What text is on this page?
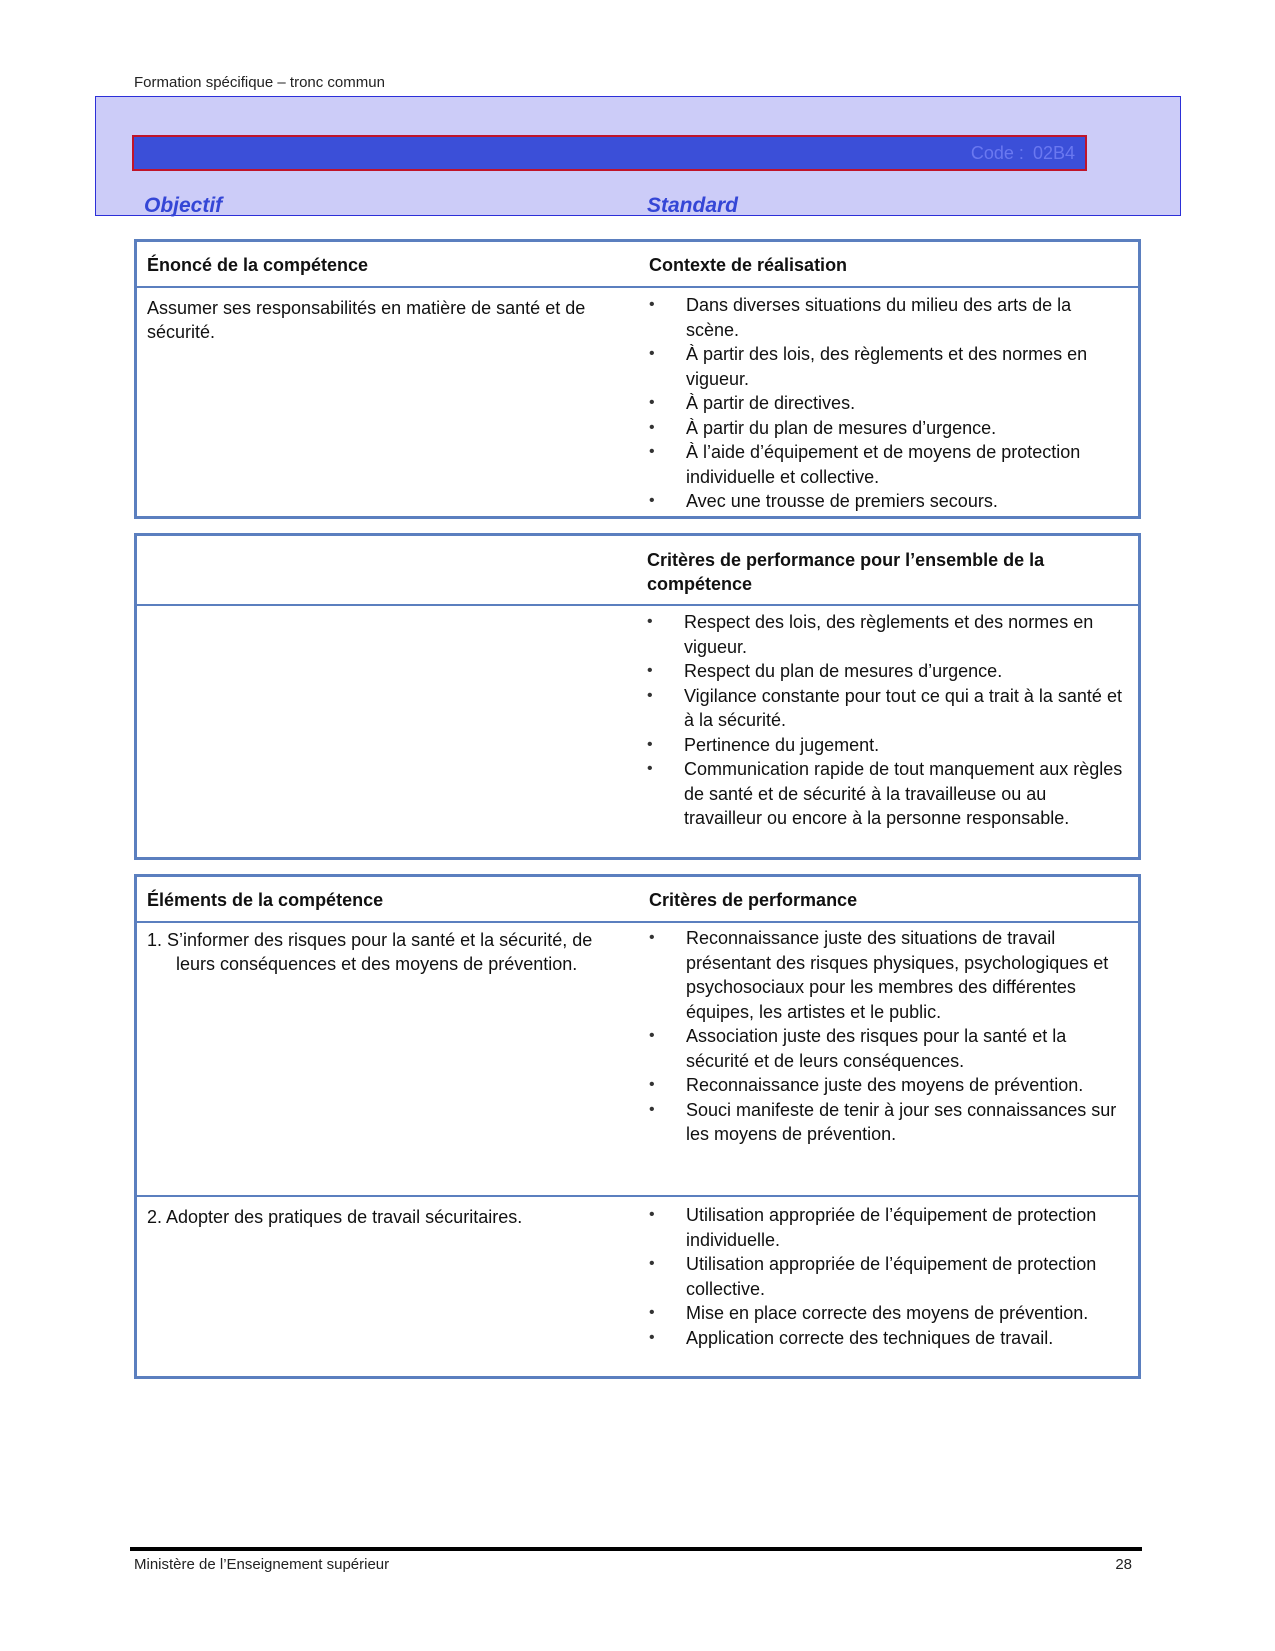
Formation spécifique – tronc commun
Code : 02B4
Objectif	Standard
Énoncé de la compétence	Contexte de réalisation
Assumer ses responsabilités en matière de santé et de sécurité.
• Dans diverses situations du milieu des arts de la scène.
• À partir des lois, des règlements et des normes en vigueur.
• À partir de directives.
• À partir du plan de mesures d’urgence.
• À l’aide d’équipement et de moyens de protection individuelle et collective.
• Avec une trousse de premiers secours.
Critères de performance pour l’ensemble de la compétence
• Respect des lois, des règlements et des normes en vigueur.
• Respect du plan de mesures d’urgence.
• Vigilance constante pour tout ce qui a trait à la santé et à la sécurité.
• Pertinence du jugement.
• Communication rapide de tout manquement aux règles de santé et de sécurité à la travailleuse ou au travailleur ou encore à la personne responsable.
Éléments de la compétence	Critères de performance
1. S’informer des risques pour la santé et la sécurité, de leurs conséquences et des moyens de prévention.
• Reconnaissance juste des situations de travail présentant des risques physiques, psychologiques et psychosociaux pour les membres des différentes équipes, les artistes et le public.
• Association juste des risques pour la santé et la sécurité et de leurs conséquences.
• Reconnaissance juste des moyens de prévention.
• Souci manifeste de tenir à jour ses connaissances sur les moyens de prévention.
2. Adopter des pratiques de travail sécuritaires.
•	Utilisation appropriée de l’équipement de protection individuelle.
• Utilisation appropriée de l’équipement de protection collective.
• Mise en place correcte des moyens de prévention.
• Application correcte des techniques de travail.
Ministère de l’Enseignement supérieur	28
